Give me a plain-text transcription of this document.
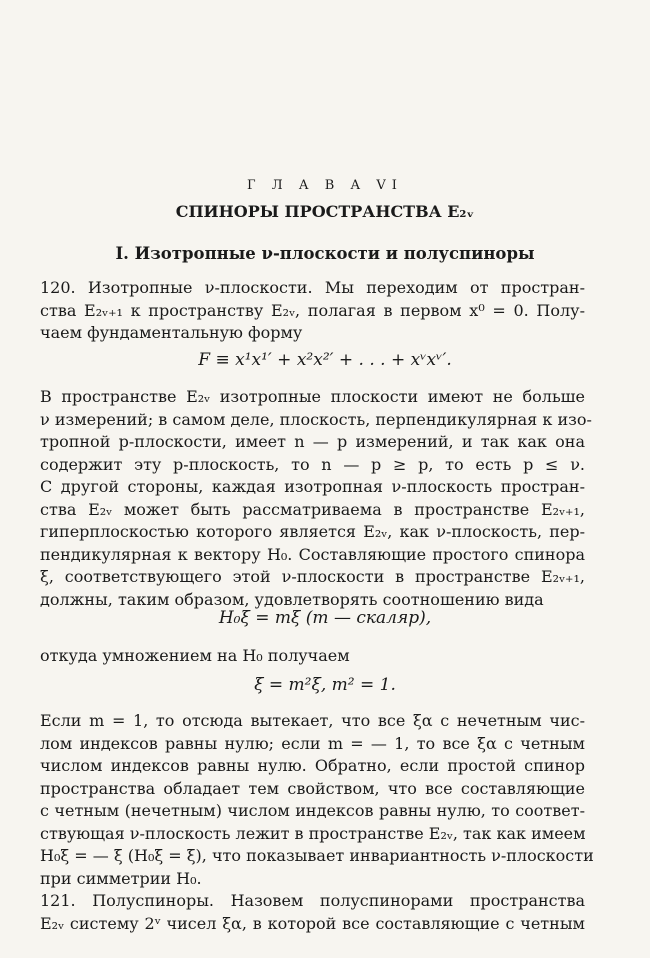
Г Л А В А VI
СПИНОРЫ ПРОСТРАНСТВА E₂ᵥ
I. Изотропные ν-плоскости и полуспиноры
120. Изотропные ν-плоскости. Мы переходим от простран-
ства E₂ᵥ₊₁ к пространству E₂ᵥ, полагая в первом x⁰ = 0. Полу-
чаем фундаментальную форму
F ≡ x¹x¹′ + x²x²′ + . . . + xᵛxᵛ′.
В пространстве E₂ᵥ изотропные плоскости имеют не больше
ν измерений; в самом деле, плоскость, перпендикулярная к изо-
тропной p-плоскости, имеет n — p измерений, и так как она
содержит эту p-плоскость, то n — p ≥ p, то есть p ≤ ν.
С другой стороны, каждая изотропная ν-плоскость простран-
ства E₂ᵥ может быть рассматриваема в пространстве E₂ᵥ₊₁,
гиперплоскостью которого является E₂ᵥ, как ν-плоскость, пер-
пендикулярная к вектору H₀. Составляющие простого спинора
ξ, соответствующего этой ν-плоскости в пространстве E₂ᵥ₊₁,
должны, таким образом, удовлетворять соотношению вида
H₀ξ = mξ (m — скаляр),
откуда умножением на H₀ получаем
ξ = m²ξ, m² = 1.
Если m = 1, то отсюда вытекает, что все ξα с нечетным чис-
лом индексов равны нулю; если m = — 1, то все ξα с четным
числом индексов равны нулю. Обратно, если простой спинор
пространства обладает тем свойством, что все составляющие
с четным (нечетным) числом индексов равны нулю, то соответ-
ствующая ν-плоскость лежит в пространстве E₂ᵥ, так как имеем
H₀ξ = — ξ (H₀ξ = ξ), что показывает инвариантность ν-плоскости
при симметрии H₀.
121. Полуспиноры. Назовем полуспинорами пространства
E₂ᵥ систему 2ᵛ чисел ξα, в которой все составляющие с четным
